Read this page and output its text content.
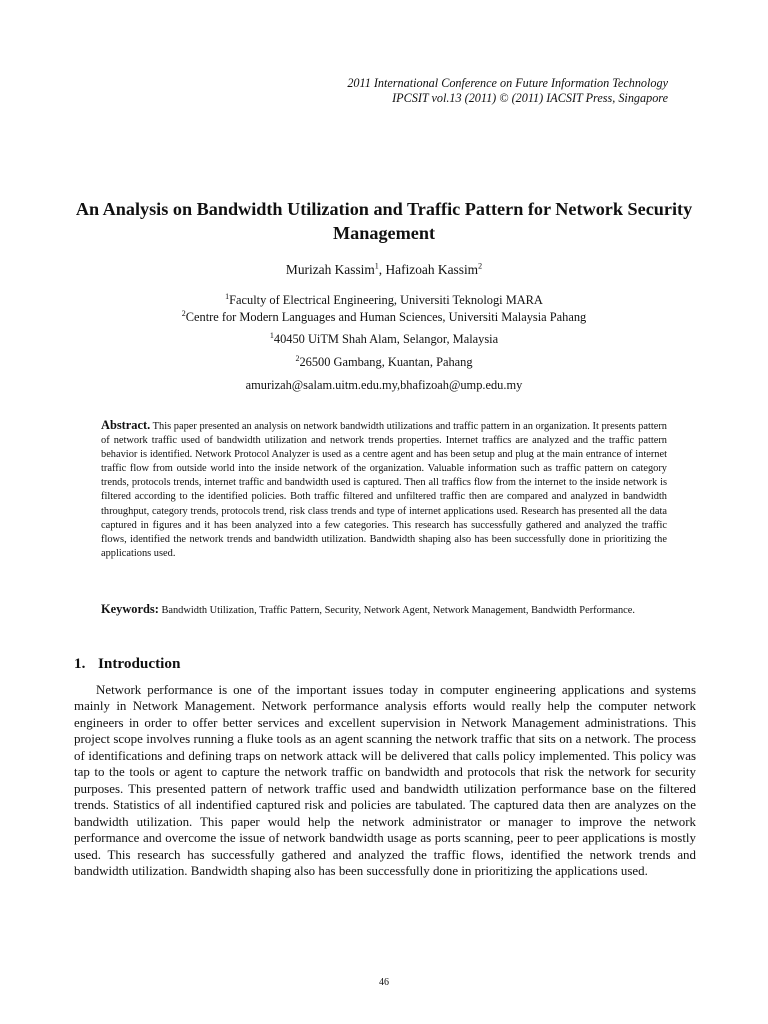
2011 International Conference on Future Information Technology
IPCSIT vol.13 (2011) © (2011) IACSIT Press, Singapore
An Analysis on Bandwidth Utilization and Traffic Pattern for Network Security Management
Murizah Kassim$^1$, Hafizoah Kassim$^2$
$^1$Faculty of Electrical Engineering, Universiti Teknologi MARA
$^2$Centre for Modern Languages and Human Sciences, Universiti Malaysia Pahang
$^1$40450 UiTM Shah Alam, Selangor, Malaysia
$^2$26500 Gambang, Kuantan, Pahang
amurizah@salam.uitm.edu.my,bhafizoah@ump.edu.my
Abstract. This paper presented an analysis on network bandwidth utilizations and traffic pattern in an organization. It presents pattern of network traffic used of bandwidth utilization and network trends properties. Internet traffics are analyzed and the traffic pattern behavior is identified. Network Protocol Analyzer is used as a centre agent and has been setup and plug at the main entrance of internet traffic flow from outside world into the inside network of the organization. Valuable information such as traffic pattern on category trends, protocols trends, internet traffic and bandwidth used is captured. Then all traffics flow from the internet to the inside network is filtered according to the identified policies. Both traffic filtered and unfiltered traffic then are compared and analyzed in bandwidth throughput, category trends, protocols trend, risk class trends and type of internet applications used. Research has presented all the data captured in figures and it has been analyzed into a few categories. This research has successfully gathered and analyzed the traffic flows, identified the network trends and bandwidth utilization. Bandwidth shaping also has been successfully done in prioritizing the applications used.
Keywords: Bandwidth Utilization, Traffic Pattern, Security, Network Agent, Network Management, Bandwidth Performance.
1. Introduction

Network performance is one of the important issues today in computer engineering applications and systems mainly in Network Management. Network performance analysis efforts would really help the computer network engineers in order to offer better services and excellent supervision in Network Management administrations. This project scope involves running a fluke tools as an agent scanning the network traffic that sits on a network. The process of identifications and defining traps on network attack will be delivered that calls policy implemented. This policy was tap to the tools or agent to capture the network traffic on bandwidth and protocols that risk the network for security purposes. This presented pattern of network traffic used and bandwidth utilization performance base on the filtered trends. Statistics of all indentified captured risk and policies are tabulated. The captured data then are analyzes on the bandwidth utilization. This paper would help the network administrator or manager to improve the network performance and overcome the issue of network bandwidth usage as ports scanning, peer to peer applications is mostly used. This research has successfully gathered and analyzed the traffic flows, identified the network trends and bandwidth utilization. Bandwidth shaping also has been successfully done in prioritizing the applications used.

46
